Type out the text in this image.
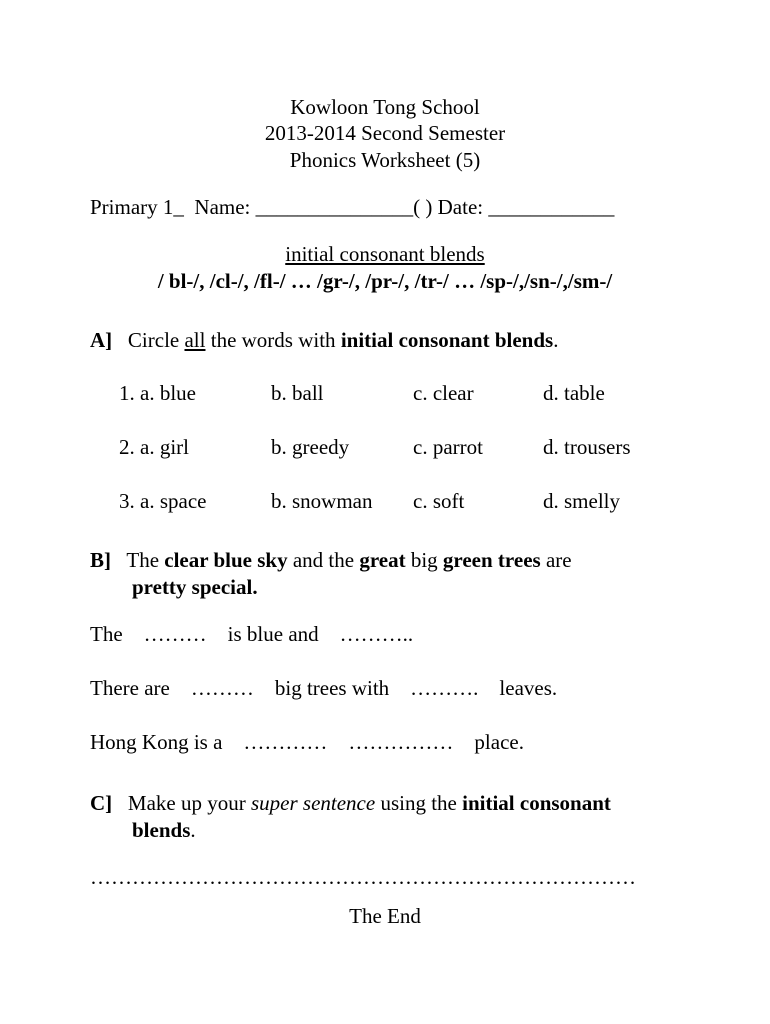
Kowloon Tong School
2013-2014 Second Semester
Phonics Worksheet (5)
Primary 1_ Name: _______________( ) Date: ____________
initial consonant blends
/ bl-/, /cl-/, /fl-/ … /gr-/, /pr-/, /tr-/ … /sp-/,/sn-/,/sm-/
A] Circle all the words with initial consonant blends.
1. a. blue	b. ball	c. clear	d. table
2. a. girl	b. greedy	c. parrot	d. trousers
3. a. space	b. snowman c. soft	d. smelly
B] The clear blue sky and the great big green trees are
pretty special.
The ……… is blue and ………..
There are ……… big trees with ………. leaves.
Hong Kong is a ………… …………… place.
C] Make up your super sentence using the initial consonant
blends.
……………………………………………………………………
The End
